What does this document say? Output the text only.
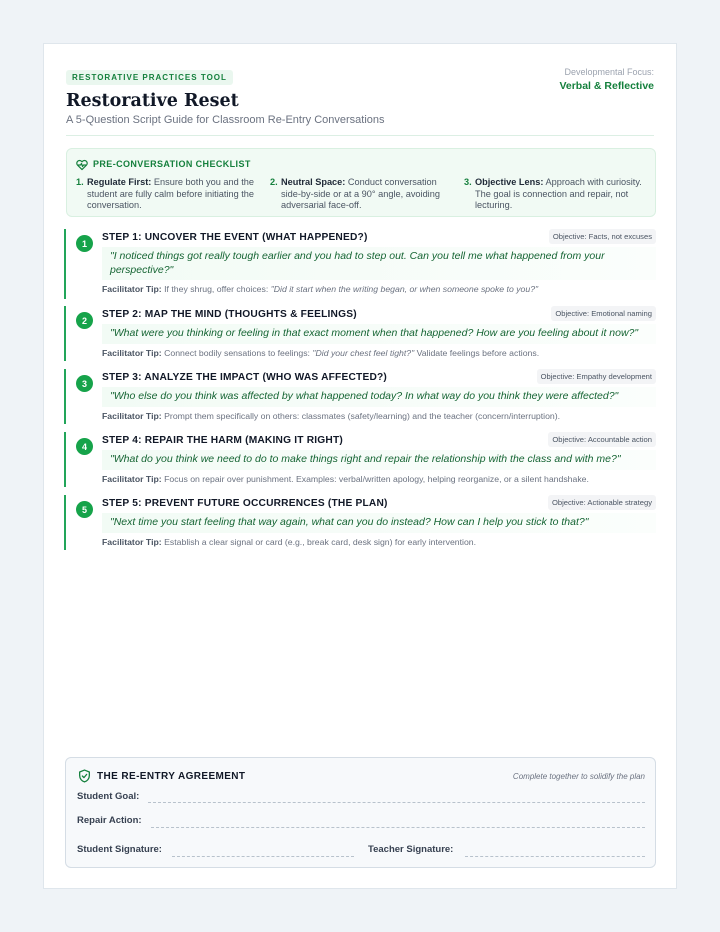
RESTORATIVE PRACTICES TOOL
Restorative Reset
A 5-Question Script Guide for Classroom Re-Entry Conversations
Developmental Focus:
Verbal & Reflective
PRE-CONVERSATION CHECKLIST
1. Regulate First: Ensure both you and the student are fully calm before initiating the conversation.
2. Neutral Space: Conduct conversation side-by-side or at a 90° angle, avoiding adversarial face-off.
3. Objective Lens: Approach with curiosity. The goal is connection and repair, not lecturing.
1
STEP 1: UNCOVER THE EVENT (WHAT HAPPENED?)	Objective: Facts, not excuses
"I noticed things got really tough earlier and you had to step out. Can you tell me what happened from your perspective?"
Facilitator Tip: If they shrug, offer choices: "Did it start when the writing began, or when someone spoke to you?"
2
STEP 2: MAP THE MIND (THOUGHTS & FEELINGS)	Objective: Emotional naming
"What were you thinking or feeling in that exact moment when that happened? How are you feeling about it now?"
Facilitator Tip: Connect bodily sensations to feelings: "Did your chest feel tight?" Validate feelings before actions.
3
STEP 3: ANALYZE THE IMPACT (WHO WAS AFFECTED?)	Objective: Empathy development
"Who else do you think was affected by what happened today? In what way do you think they were affected?"
Facilitator Tip: Prompt them specifically on others: classmates (safety/learning) and the teacher (concern/interruption).
4
STEP 4: REPAIR THE HARM (MAKING IT RIGHT)	Objective: Accountable action
"What do you think we need to do to make things right and repair the relationship with the class and with me?"
Facilitator Tip: Focus on repair over punishment. Examples: verbal/written apology, helping reorganize, or a silent handshake.
5
STEP 5: PREVENT FUTURE OCCURRENCES (THE PLAN)	Objective: Actionable strategy
"Next time you start feeling that way again, what can you do instead? How can I help you stick to that?"
Facilitator Tip: Establish a clear signal or card (e.g., break card, desk sign) for early intervention.
THE RE-ENTRY AGREEMENT	Complete together to solidify the plan
Student Goal:
Repair Action:
Student Signature:	Teacher Signature:
